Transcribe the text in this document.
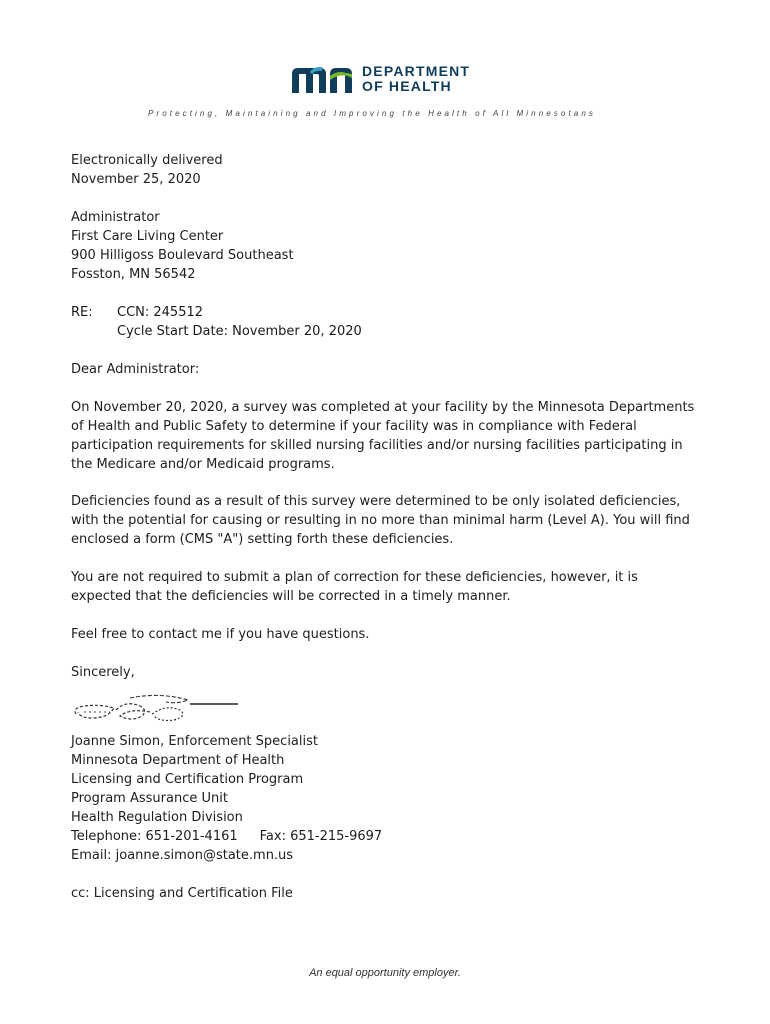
DEPARTMENT
OF HEALTH
Protecting, Maintaining and Improving the Health of All Minnesotans
Electronically delivered
November 25, 2020
Administrator
First Care Living Center
900 Hilligoss Boulevard Southeast
Fosston, MN 56542
RE: CCN: 245512
Cycle Start Date: November 20, 2020
Dear Administrator:
On November 20, 2020, a survey was completed at your facility by the Minnesota Departments of Health and Public Safety to determine if your facility was in compliance with Federal participation requirements for skilled nursing facilities and/or nursing facilities participating in the Medicare and/or Medicaid programs.
Deficiencies found as a result of this survey were determined to be only isolated deficiencies, with the potential for causing or resulting in no more than minimal harm (Level A). You will find enclosed a form (CMS "A") setting forth these deficiencies.
You are not required to submit a plan of correction for these deficiencies, however, it is expected that the deficiencies will be corrected in a timely manner.
Feel free to contact me if you have questions.
Sincerely,
Joanne Simon, Enforcement Specialist
Minnesota Department of Health
Licensing and Certification Program
Program Assurance Unit
Health Regulation Division
Telephone: 651-201-4161 Fax: 651-215-9697
Email: joanne.simon@state.mn.us
cc: Licensing and Certification File
An equal opportunity employer.
